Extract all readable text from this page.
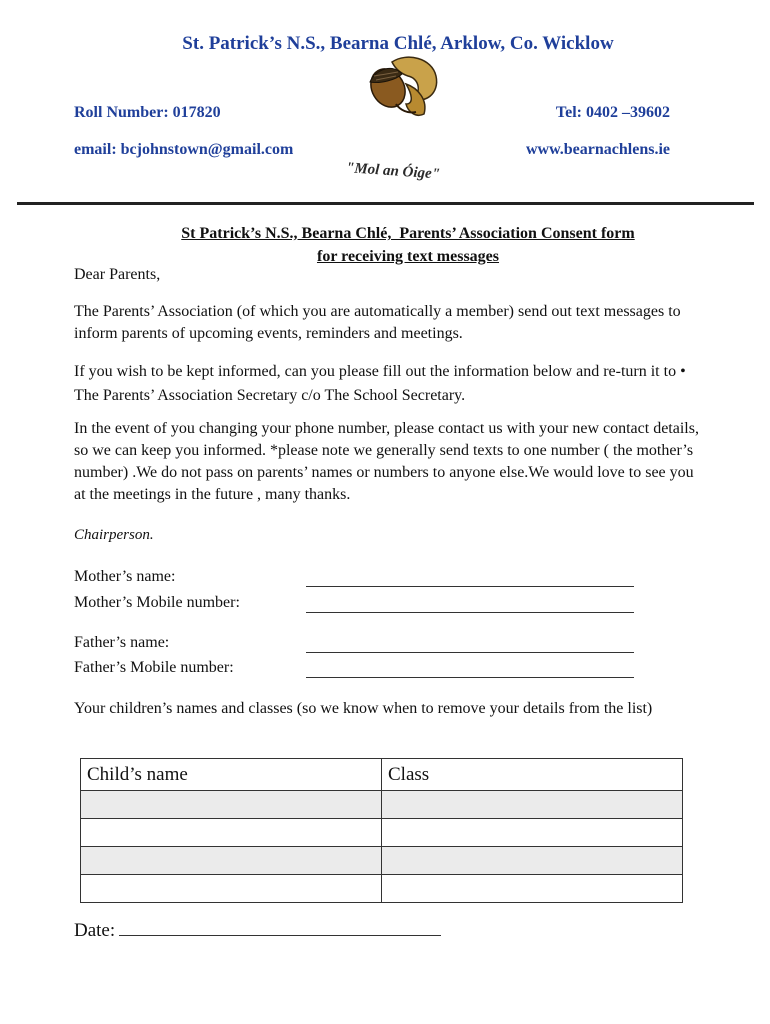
St. Patrick’s N.S., Bearna Chlé, Arklow, Co. Wicklow
Roll Number: 017820	Tel: 0402 –39602
email: bcjohnstown@gmail.com	www.bearnachlens.ie
"Mol an Óige"
St Patrick’s N.S., Bearna Chlé,  Parents’ Association Consent form
for receiving text messages
Dear Parents,
The Parents’ Association (of which you are automatically a member) send out text messages to inform parents of upcoming events, reminders and meetings.
If you wish to be kept informed, can you please fill out the information below and re-turn it to • The Parents’ Association Secretary c/o The School Secretary.
In the event of you changing your phone number, please contact us with your new contact details, so we can keep you informed. *please note we generally send texts to one number ( the mother’s number) .We do not pass on parents’ names or numbers to anyone else.We would love to see you at the meetings in the future , many thanks.
Chairperson.
Mother’s name:
Mother’s Mobile number:
Father’s name:
Father’s Mobile number:
Your children’s names and classes (so we know when to remove your details from the list)
Child’s name	Class

Date:
